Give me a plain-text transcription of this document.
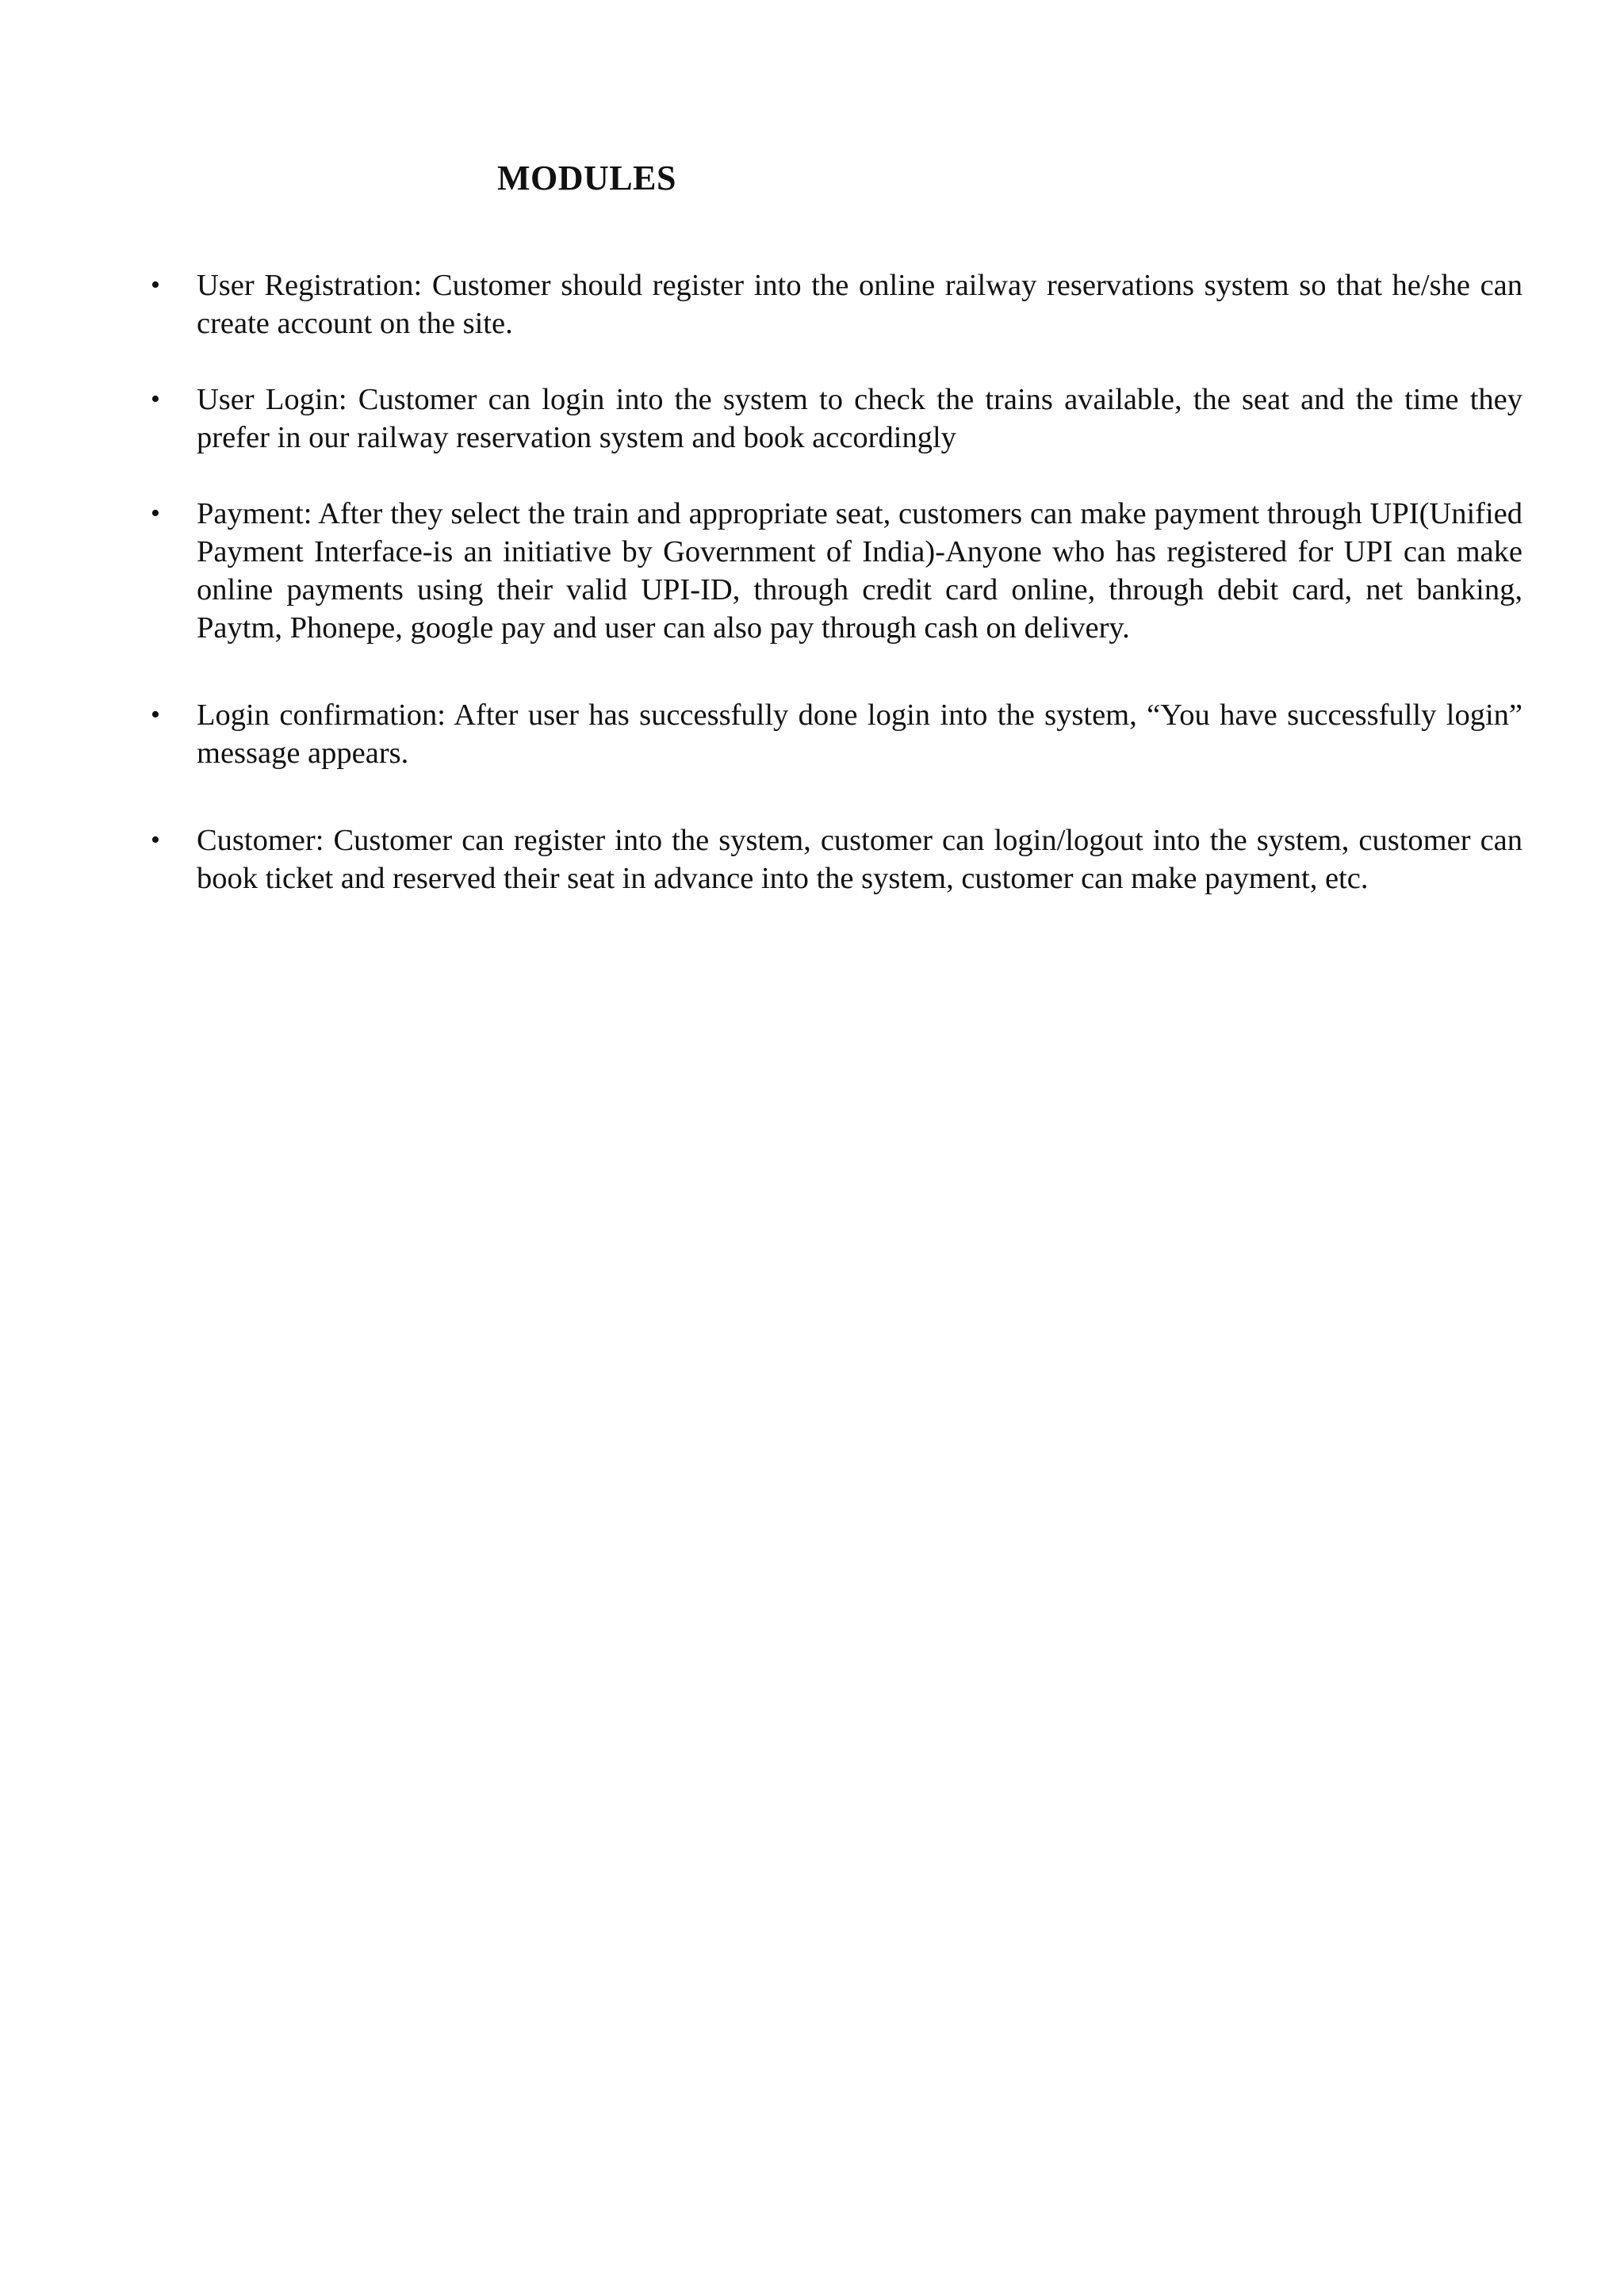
MODULES
• User Registration: Customer should register into the online railway reservations system so that he/she can create account on the site.
• User Login: Customer can login into the system to check the trains available, the seat and the time they prefer in our railway reservation system and book accordingly
• Payment: After they select the train and appropriate seat, customers can make payment through UPI(Unified Payment Interface-is an initiative by Government of India)-Anyone who has registered for UPI can make online payments using their valid UPI-ID, through credit card online, through debit card, net banking, Paytm, Phonepe, google pay and user can also pay through cash on delivery.
• Login confirmation: After user has successfully done login into the system, “You have successfully login” message appears.
• Customer: Customer can register into the system, customer can login/logout into the system, customer can book ticket and reserved their seat in advance into the system, customer can make payment, etc.
